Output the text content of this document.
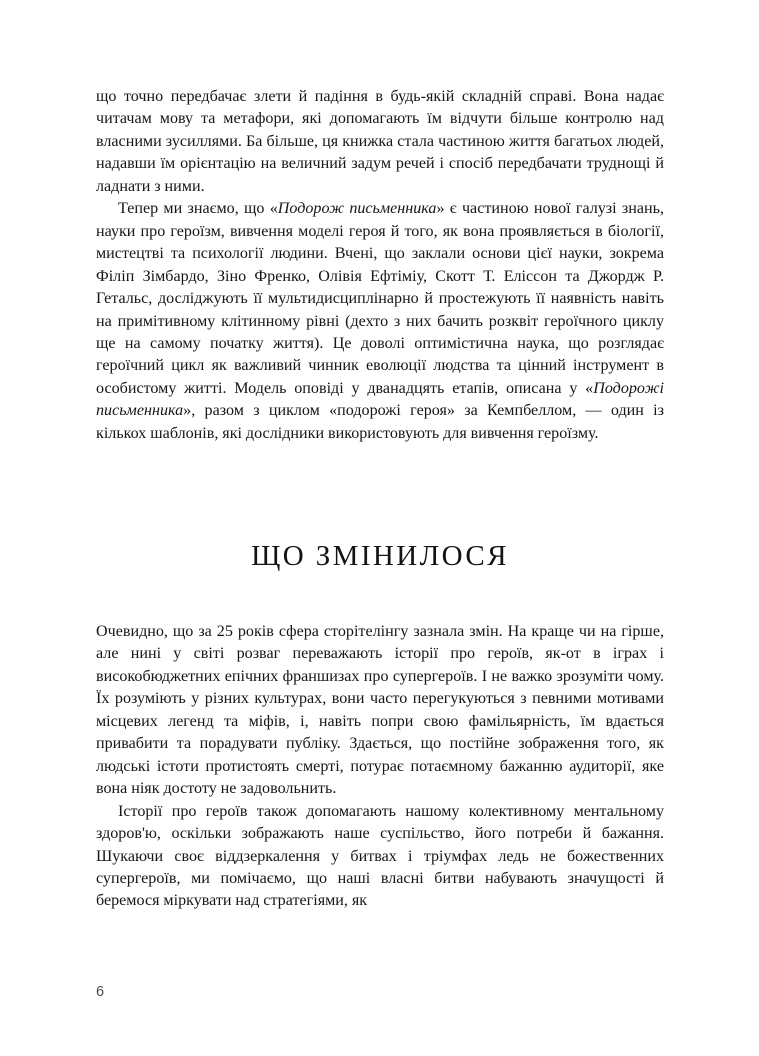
що точно передбачає злети й падіння в будь-якій складній справі. Вона надає читачам мову та метафори, які допомагають їм відчути більше контролю над власними зусиллями. Ба більше, ця книжка стала частиною життя багатьох людей, надавши їм орієнтацію на величний задум речей і спосіб передбачати труднощі й ладнати з ними.

Тепер ми знаємо, що «Подорож письменника» є частиною нової галузі знань, науки про героїзм, вивчення моделі героя й того, як вона проявляється в біології, мистецтві та психології людини. Вчені, що заклали основи цієї науки, зокрема Філіп Зімбардо, Зіно Френко, Олівія Ефтіміу, Скотт Т. Еліссон та Джордж Р. Гетальс, досліджують її мультидисциплінарно й простежують її наявність навіть на примітивному клітинному рівні (дехто з них бачить розквіт героїчного циклу ще на самому початку життя). Це доволі оптимістична наука, що розглядає героїчний цикл як важливий чинник еволюції людства та цінний інструмент в особистому житті. Модель оповіді у дванадцять етапів, описана у «Подорожі письменника», разом з циклом «подорожі героя» за Кемпбеллом, — один із кількох шаблонів, які дослідники використовують для вивчення героїзму.

ЩО ЗМІНИЛОСЯ

Очевидно, що за 25 років сфера сторітелінгу зазнала змін. На краще чи на гірше, але нині у світі розваг переважають історії про героїв, як-от в іграх і високобюджетних епічних франшизах про супергероїв. І не важко зрозуміти чому. Їх розуміють у різних культурах, вони часто перегукуються з певними мотивами місцевих легенд та міфів, і, навіть попри свою фамільярність, їм вдається привабити та порадувати публіку. Здається, що постійне зображення того, як людські істоти протистоять смерті, потурає потаємному бажанню аудиторії, яке вона ніяк достоту не задовольнить.

Історії про героїв також допомагають нашому колективному ментальному здоров'ю, оскільки зображають наше суспільство, його потреби й бажання. Шукаючи своє віддзеркалення у битвах і тріумфах ледь не божественних супергероїв, ми помічаємо, що наші власні битви набувають значущості й беремося міркувати над стратегіями, як

6
